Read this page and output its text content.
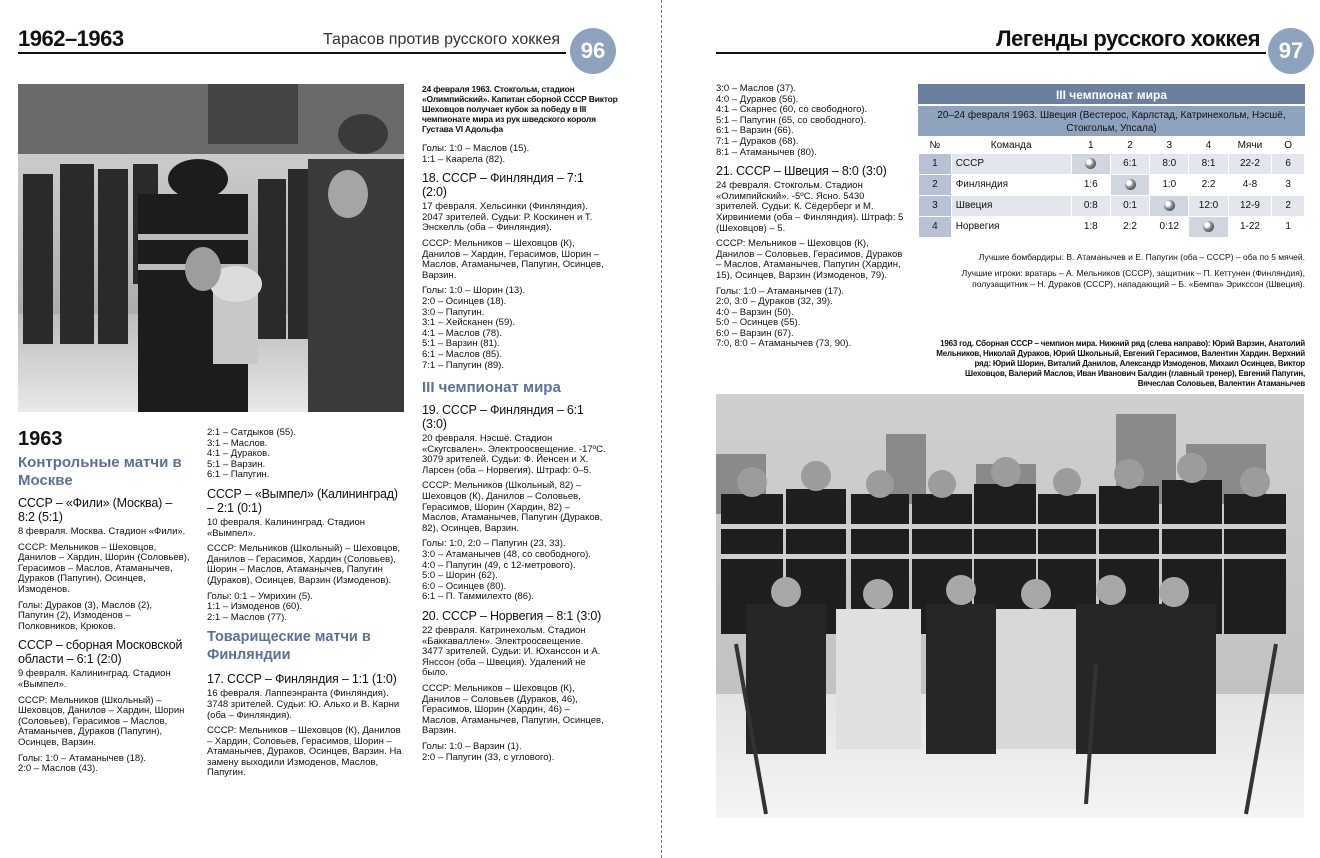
1962–1963	Тарасов против русского хоккея 96
24 февраля 1963. Стокгольм, стадион «Олимпийский». Капитан сборной СССР Виктор Шеховцов получает кубок за победу в III чемпионате мира из рук шведского короля Густава VI Адольфа
1963
Контрольные матчи в Москве
СССР – «Фили» (Москва) – 8:2 (5:1)

8 февраля. Москва. Стадион «Фили».

СССР: Мельников – Шеховцов, Данилов – Хардин, Шорин (Соловьев), Герасимов – Маслов, Атаманычев, Дураков (Папугин), Осинцев, Измоденов.

Голы: Дураков (3), Маслов (2), Папугин (2), Измоденов – Полковников, Крюков.

СССР – сборная Московской области – 6:1 (2:0)

9 февраля. Калининград. Стадион «Вымпел».

СССР: Мельников (Школьный) – Шеховцов, Данилов – Хардин, Шорин (Соловьев), Герасимов – Маслов, Атаманычев, Дураков (Папугин), Осинцев, Варзин.

Голы: 1:0 – Атаманычев (18).
2:0 – Маслов (43).

2:1 – Сатдыков (55).
3:1 – Маслов.
4:1 – Дураков.
5:1 – Варзин.
6:1 – Папугин.

СССР – «Вымпел» (Калининград) – 2:1 (0:1)

10 февраля. Калининград. Стадион «Вымпел».

СССР: Мельников (Школьный) – Шеховцов, Данилов – Герасимов, Хардин (Соловьев), Шорин – Маслов, Атаманычев, Папугин (Дураков), Осинцев, Варзин (Измоденов).

Голы: 0:1 – Умрихин (5).
1:1 – Измоденов (60).
2:1 – Маслов (77).

Товарищеские матчи в Финляндии
17. СССР – Финляндия – 1:1 (1:0)

16 февраля. Лаппеэнранта (Финляндия). 3748 зрителей. Судьи: Ю. Альхо и В. Карни (оба – Финляндия).

СССР: Мельников – Шеховцов (К), Данилов – Хардин, Соловьев, Герасимов, Шорин – Атаманычев, Дураков, Осинцев, Варзин. На замену выходили Измоденов, Маслов, Папугин.

Голы: 1:0 – Маслов (15).
1:1 – Каарела (82).

18. СССР – Финляндия – 7:1 (2:0)

17 февраля. Хельсинки (Финляндия). 2047 зрителей. Судьи: Р. Коскинен и Т. Энскелль (оба – Финляндия).

СССР: Мельников – Шеховцов (К), Данилов – Хардин, Герасимов, Шорин – Маслов, Атаманычев, Папугин, Осинцев, Варзин.

Голы: 1:0 – Шорин (13).
2:0 – Осинцев (18).
3:0 – Папугин.
3:1 – Хейсканен (59).
4:1 – Маслов (78).
5:1 – Варзин (81).
6:1 – Маслов (85).
7:1 – Папугин (89).

III чемпионат мира
19. СССР – Финляндия – 6:1 (3:0)

20 февраля. Нэсшё. Стадион «Скугсвален». Электроосвещение. -17ºС. 3079 зрителей. Судьи: Ф. Йенсен и Х. Ларсен (оба – Норвегия). Штраф: 0–5.

СССР: Мельников (Школьный, 82) – Шеховцов (К), Данилов – Соловьев, Герасимов, Шорин (Хардин, 82) – Маслов, Атаманычев, Папугин (Дураков, 82), Осинцев, Варзин.

Голы: 1:0, 2:0 – Папугин (23, 33).
3:0 – Атаманычев (48, со свободного).
4:0 – Папугин (49, с 12-метрового).
5:0 – Шорин (62).
6:0 – Осинцев (80).
6:1 – П. Таммилехто (86).

20. СССР – Норвегия – 8:1 (3:0)

22 февраля. Катринехольм. Стадион «Баккаваллен». Электроосвещение. 3477 зрителей. Судьи: И. Юханссон и А. Янссон (оба – Швеция). Удалений не было.

СССР: Мельников – Шеховцов (К), Данилов – Соловьев (Дураков, 46), Герасимов, Шорин (Хардин, 46) – Маслов, Атаманычев, Папугин, Осинцев, Варзин.

Голы: 1:0 – Варзин (1).
2:0 – Папугин (33, с углового).

Легенды русского хоккея 97

3:0 – Маслов (37).
4:0 – Дураков (56).
4:1 – Скарнес (60, со свободного).
5:1 – Папугин (65, со свободного).
6:1 – Варзин (66).
7:1 – Дураков (68).
8:1 – Атаманычев (80).

21. СССР – Швеция – 8:0 (3:0)

24 февраля. Стокгольм. Стадион «Олимпийский». -5ºС. Ясно. 5430 зрителей. Судьи: К. Сёдерберг и М. Хирвиниеми (оба – Финляндия). Штраф: 5 (Шеховцов) – 5.

СССР: Мельников – Шеховцов (К), Данилов – Соловьев, Герасимов, Дураков – Маслов, Атаманычев, Папугин (Хардин, 15), Осинцев, Варзин (Измоденов, 79).

Голы: 1:0 – Атаманычев (17).
2:0, 3:0 – Дураков (32, 39).
4:0 – Варзин (50).
5:0 – Осинцев (55).
6:0 – Варзин (67).
7:0, 8:0 – Атаманычев (73, 90).

III чемпионат мира
20–24 февраля 1963. Швеция (Вестерос, Карлстад, Катринехольм, Нэсшё, Стокгольм, Упсала)
№	Команда	1	2	3	4	Мячи	О
1	СССР		6:1	8:0	8:1	22-2	6
2	Финляндия	1:6		1:0	2:2	4-8	3
3	Швеция	0:8	0:1		12:0	12-9	2
4	Норвегия	1:8	2:2	0:12		1-22	1
Лучшие бомбардиры: В. Атаманычев и Е. Папугин (оба – СССР) – оба по 5 мячей.
Лучшие игроки: вратарь – А. Мельников (СССР), защитник – П. Кеттунен (Финляндия), полузащитник – Н. Дураков (СССР), нападающий – Б. «Бемпа» Эрикссон (Швеция).
1963 год. Сборная СССР – чемпион мира. Нижний ряд (слева направо): Юрий Варзин, Анатолий Мельников, Николай Дураков, Юрий Школьный, Евгений Герасимов, Валентин Хардин. Верхний ряд: Юрий Шорин, Виталий Данилов, Александр Измоденов, Михаил Осинцев, Виктор Шеховцов, Валерий Маслов, Иван Иванович Балдин (главный тренер), Евгений Папугин, Вячеслав Соловьев, Валентин Атаманычев
